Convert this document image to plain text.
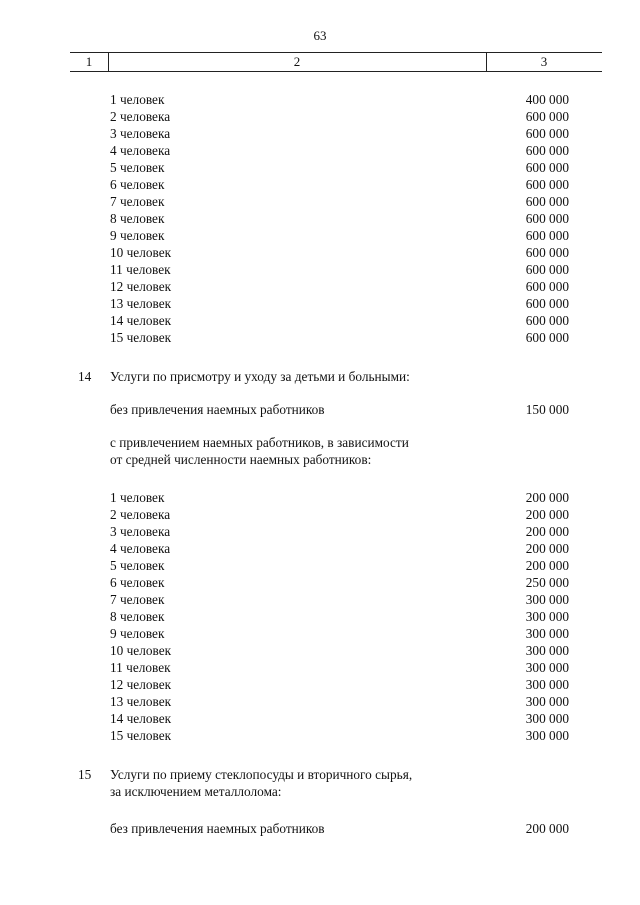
63
1	2	3
1 человек	400 000
2 человека	600 000
3 человека	600 000
4 человека	600 000
5 человек	600 000
6 человек	600 000
7 человек	600 000
8 человек	600 000
9 человек	600 000
10 человек	600 000
11 человек	600 000
12 человек	600 000
13 человек	600 000
14 человек	600 000
15 человек	600 000
14 Услуги по присмотру и уходу за детьми и больными:
без привлечения наемных работников	150 000
с привлечением наемных работников, в зависимости
от средней численности наемных работников:
1 человек	200 000
2 человека	200 000
3 человека	200 000
4 человека	200 000
5 человек	200 000
6 человек	250 000
7 человек	300 000
8 человек	300 000
9 человек	300 000
10 человек	300 000
11 человек	300 000
12 человек	300 000
13 человек	300 000
14 человек	300 000
15 человек	300 000
15 Услуги по приему стеклопосуды и вторичного сырья,
за исключением металлолома:
без привлечения наемных работников	200 000
